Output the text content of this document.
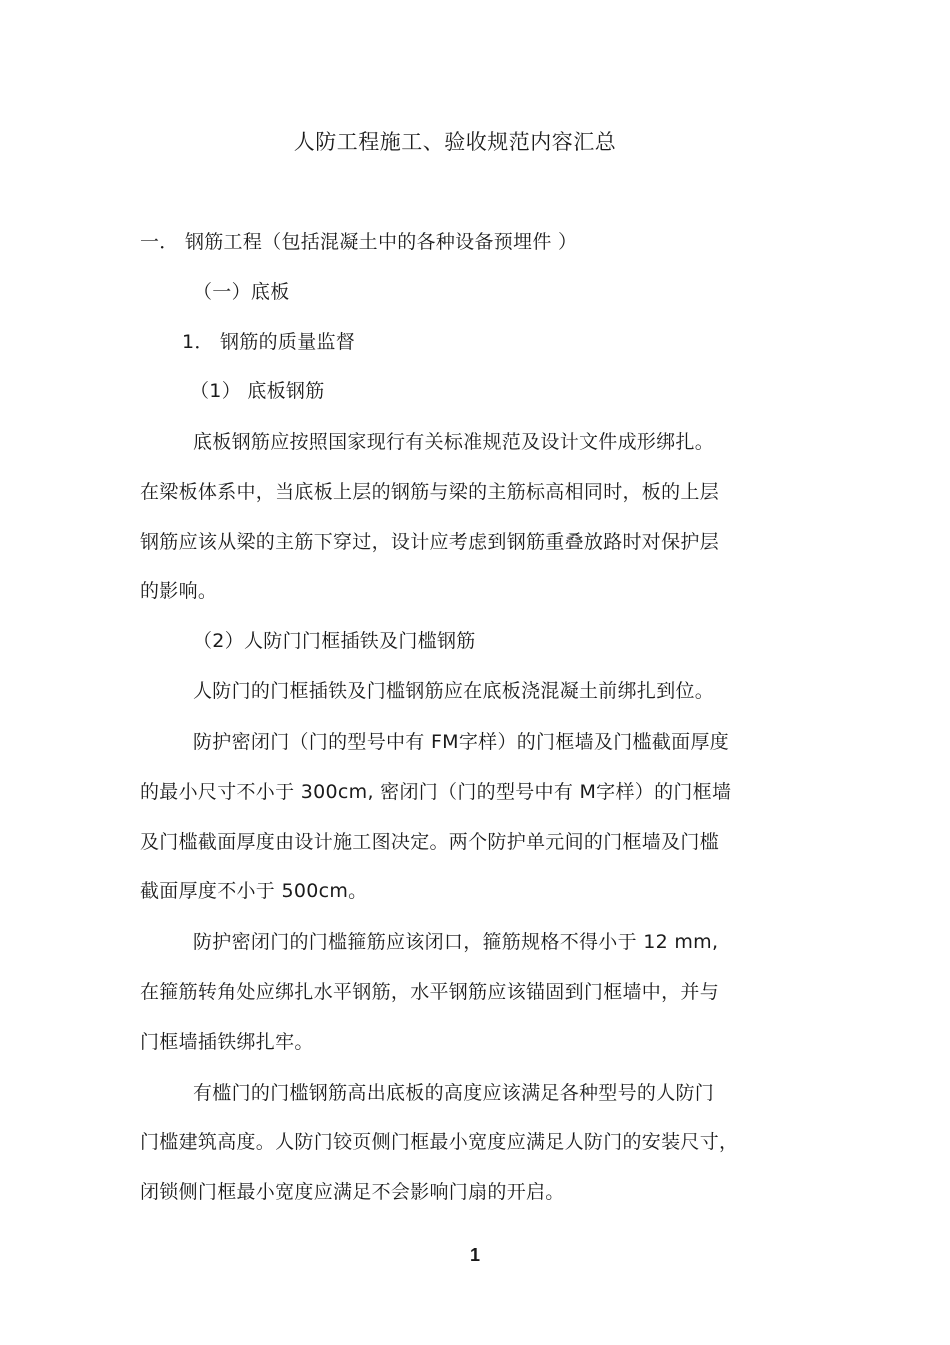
人防工程施工、验收规范内容汇总
一． 钢筋工程（包括混凝土中的各种设备预埋件 ）
（一）底板
1． 钢筋的质量监督
（1） 底板钢筋
底板钢筋应按照国家现行有关标准规范及设计文件成形绑扎。
在梁板体系中，当底板上层的钢筋与梁的主筋标高相同时，板的上层
钢筋应该从梁的主筋下穿过，设计应考虑到钢筋重叠放路时对保护层
的影响。
（2）人防门门框插铁及门槛钢筋
人防门的门框插铁及门槛钢筋应在底板浇混凝土前绑扎到位。
防护密闭门（门的型号中有 FM字样）的门框墙及门槛截面厚度
的最小尺寸不小于 300cm, 密闭门（门的型号中有 M字样）的门框墙
及门槛截面厚度由设计施工图决定。两个防护单元间的门框墙及门槛
截面厚度不小于 500cm。
防护密闭门的门槛箍筋应该闭口，箍筋规格不得小于 12 mm,
在箍筋转角处应绑扎水平钢筋，水平钢筋应该锚固到门框墙中，并与
门框墙插铁绑扎牢。
有槛门的门槛钢筋高出底板的高度应该满足各种型号的人防门
门槛建筑高度。人防门铰页侧门框最小宽度应满足人防门的安装尺寸，
闭锁侧门框最小宽度应满足不会影响门扇的开启。
1
